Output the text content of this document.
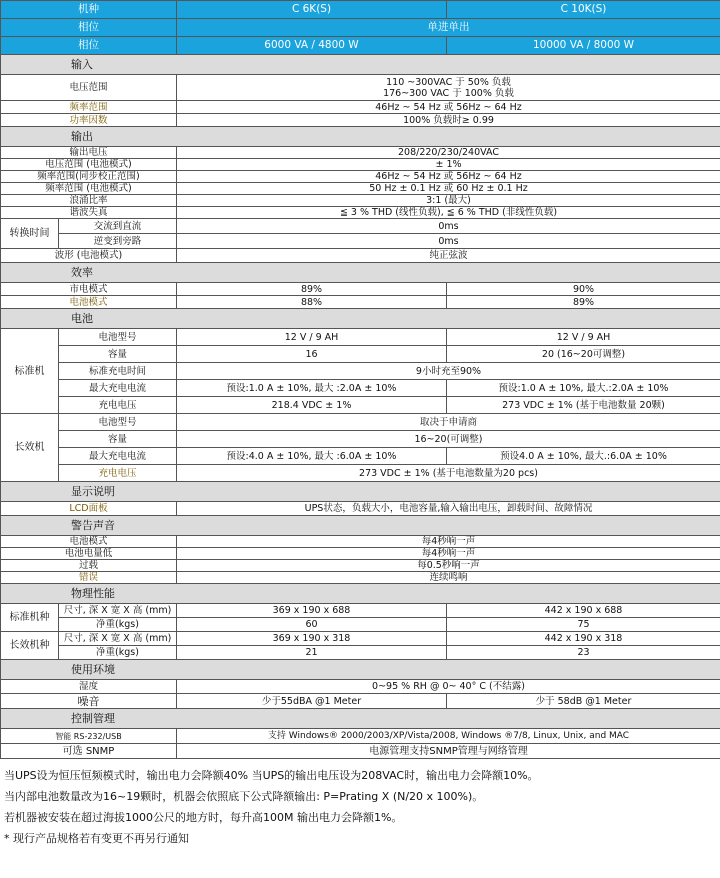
机种		C 6K(S)	C 10K(S)
相位		单进单出	
相位		6000 VA / 4800 W	10000 VA / 8000 W
输入			
电压范围		110 ~300VAC 于 50% 负载
176~300 VAC 于 100% 负载	

频率范围		46Hz ~ 54 Hz 或 56Hz ~ 64 Hz	
功率因数		100% 负载时≥ 0.99	
输出			
输出电压		208/220/230/240VAC	
电压范围 (电池模式)		± 1%	
频率范围(同步校正范围)		46Hz ~ 54 Hz 或 56Hz ~ 64 Hz	
频率范围 (电池模式)		50 Hz ± 0.1 Hz 或 60 Hz ± 0.1 Hz	
浪涌比率		3:1 (最大)	
谐波失真		≦ 3 % THD (线性负载), ≦ 6 % THD (非线性负载)	
转换时间	交流到直流	0ms	
	逆变到旁路	0ms	
波形 (电池模式)		纯正弦波	
效率			
市电模式		89%	90%
电池模式		88%	89%
电池			
标准机	电池型号	12 V / 9 AH	12 V / 9 AH
	容量	16	20 (16~20可调整)
	标准充电时间	9小时充至90%	
	最大充电电流	预设:1.0 A ± 10%, 最大 :2.0A ± 10%	预设:1.0 A ± 10%, 最大.:2.0A ± 10%
	充电电压	218.4 VDC ± 1%	273 VDC ± 1% (基于电池数量 20颗)
长效机	电池型号	取决于申请商	
	容量	16~20(可调整)	
	最大充电电流	预设:4.0 A ± 10%, 最大 :6.0A ± 10%	预设4.0 A ± 10%, 最大.:6.0A ± 10%
	充电电压	273 VDC ± 1% (基于电池数量为20 pcs)	
显示说明			
LCD面板		UPS状态，负载大小，电池容量,输入输出电压，卸载时间、故障情况	
警告声音			
电池模式		每4秒响一声	
电池电量低		每4秒响一声	
过载		每0.5秒响一声	
错误		连续鸣响	
物理性能			
标准机种	尺寸, 深 X 宽 X 高 (mm)	369 x 190 x 688	442 x 190 x 688
	净重(kgs)	60	75
长效机种	尺寸, 深 X 宽 X 高 (mm)	369 x 190 x 318	442 x 190 x 318
	净重(kgs)	21	23
使用环境			
湿度		0~95 % RH @ 0~ 40° C (不结露)	
噪音		少于55dBA @1 Meter	少于 58dB @1 Meter
控制管理			
智能 RS-232/USB		支持 Windows® 2000/2003/XP/Vista/2008, Windows ®7/8, Linux, Unix, and MAC	
可选 SNMP		电源管理支持SNMP管理与网络管理	
当UPS设为恒压恒频模式时，输出电力会降额40% 当UPS的输出电压设为208VAC时，输出电力会降额10%。
当内部电池数量改为16~19颗时，机器会依照底下公式降额输出: P=Prating X (N/20 x 100%)。
若机器被安装在超过海拔1000公尺的地方时，每升高100M 输出电力会降额1%。
* 现行产品规格若有变更不再另行通知
